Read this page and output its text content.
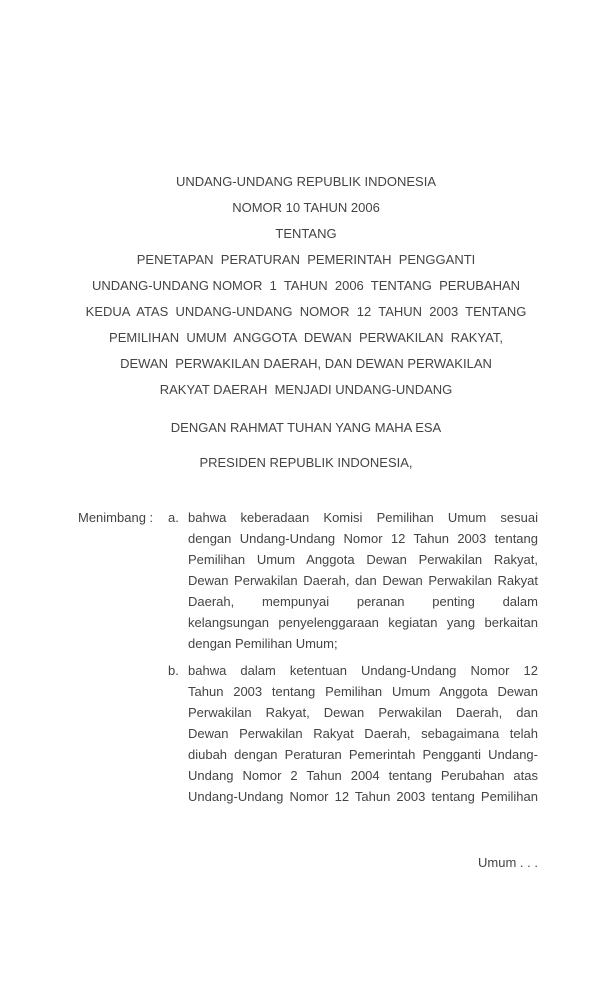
UNDANG-UNDANG REPUBLIK INDONESIA
NOMOR 10 TAHUN 2006
TENTANG
PENETAPAN  PERATURAN  PEMERINTAH  PENGGANTI
UNDANG-UNDANG NOMOR  1  TAHUN  2006  TENTANG  PERUBAHAN
KEDUA  ATAS  UNDANG-UNDANG  NOMOR  12  TAHUN  2003  TENTANG
PEMILIHAN  UMUM  ANGGOTA  DEWAN  PERWAKILAN  RAKYAT,
DEWAN  PERWAKILAN DAERAH, DAN DEWAN PERWAKILAN
RAKYAT DAERAH  MENJADI UNDANG-UNDANG
DENGAN RAHMAT TUHAN YANG MAHA ESA
PRESIDEN REPUBLIK INDONESIA,
Menimbang :	a. bahwa keberadaan Komisi Pemilihan Umum sesuai
dengan Undang-Undang Nomor 12 Tahun 2003 tentang
Pemilihan Umum Anggota Dewan Perwakilan Rakyat,
Dewan Perwakilan Daerah, dan Dewan Perwakilan Rakyat
Daerah, mempunyai peranan penting dalam
kelangsungan penyelenggaraan kegiatan yang berkaitan
dengan Pemilihan Umum;
b. bahwa dalam ketentuan Undang-Undang Nomor 12
Tahun 2003 tentang Pemilihan Umum Anggota Dewan
Perwakilan Rakyat, Dewan Perwakilan Daerah, dan
Dewan Perwakilan Rakyat Daerah, sebagaimana telah
diubah dengan Peraturan Pemerintah Pengganti Undang-
Undang Nomor 2 Tahun 2004 tentang Perubahan atas
Undang-Undang Nomor 12 Tahun 2003 tentang Pemilihan
Umum . . .
